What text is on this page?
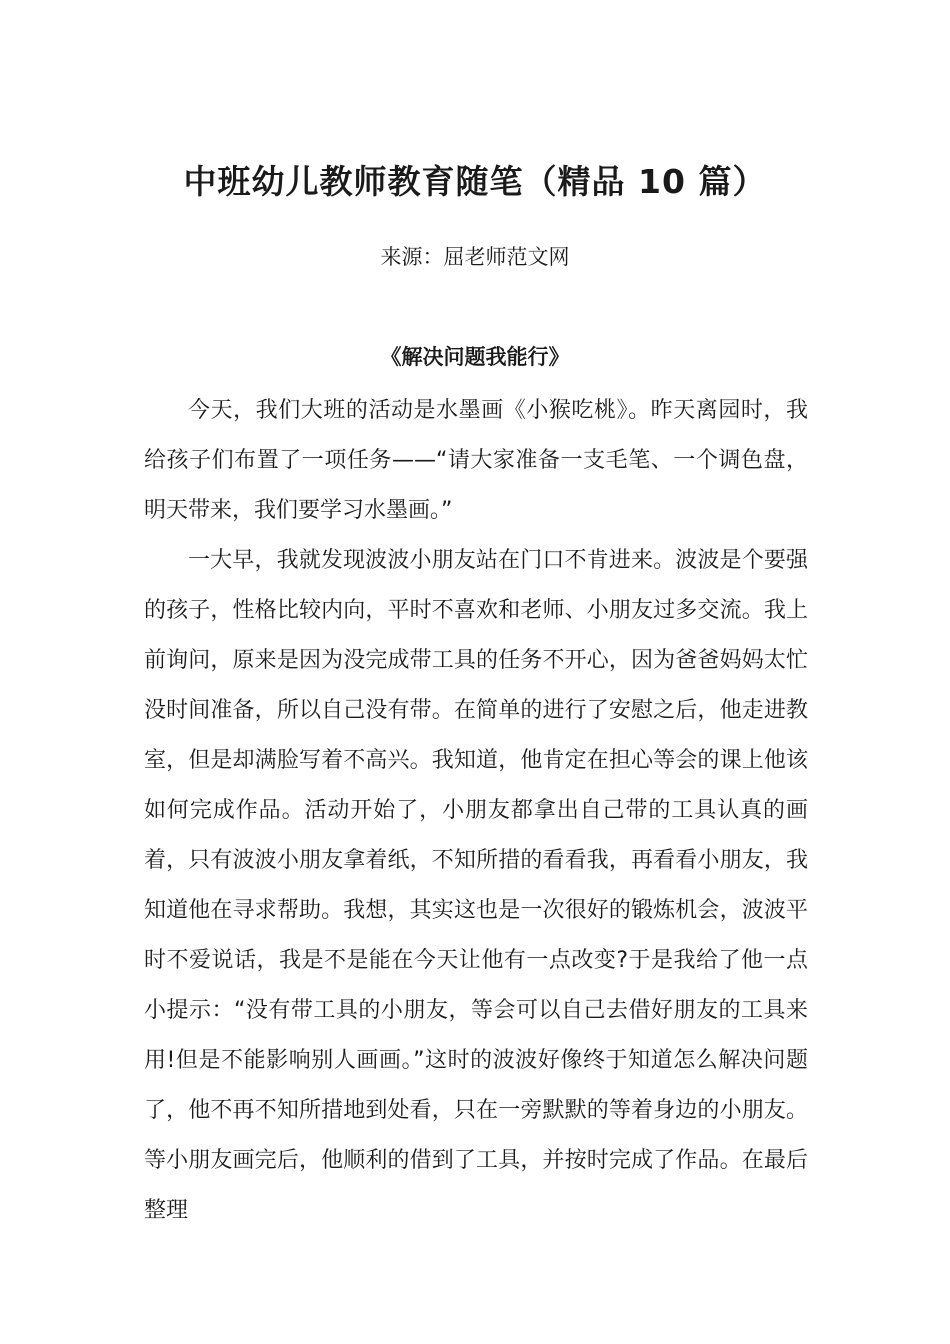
中班幼儿教师教育随笔（精品 10 篇）

来源：屈老师范文网

《解决问题我能行》

今天，我们大班的活动是水墨画《小猴吃桃》。昨天离园时，我给孩子们布置了一项任务——“请大家准备一支毛笔、一个调色盘，明天带来，我们要学习水墨画。”

一大早，我就发现波波小朋友站在门口不肯进来。波波是个要强的孩子，性格比较内向，平时不喜欢和老师、小朋友过多交流。我上前询问，原来是因为没完成带工具的任务不开心，因为爸爸妈妈太忙没时间准备，所以自己没有带。在简单的进行了安慰之后，他走进教室，但是却满脸写着不高兴。我知道，他肯定在担心等会的课上他该如何完成作品。活动开始了，小朋友都拿出自己带的工具认真的画着，只有波波小朋友拿着纸，不知所措的看看我，再看看小朋友，我知道他在寻求帮助。我想，其实这也是一次很好的锻炼机会，波波平时不爱说话，我是不是能在今天让他有一点改变?于是我给了他一点小提示：“没有带工具的小朋友，等会可以自己去借好朋友的工具来用!但是不能影响别人画画。”这时的波波好像终于知道怎么解决问题了，他不再不知所措地到处看，只在一旁默默的等着身边的小朋友。等小朋友画完后，他顺利的借到了工具，并按时完成了作品。在最后整理
